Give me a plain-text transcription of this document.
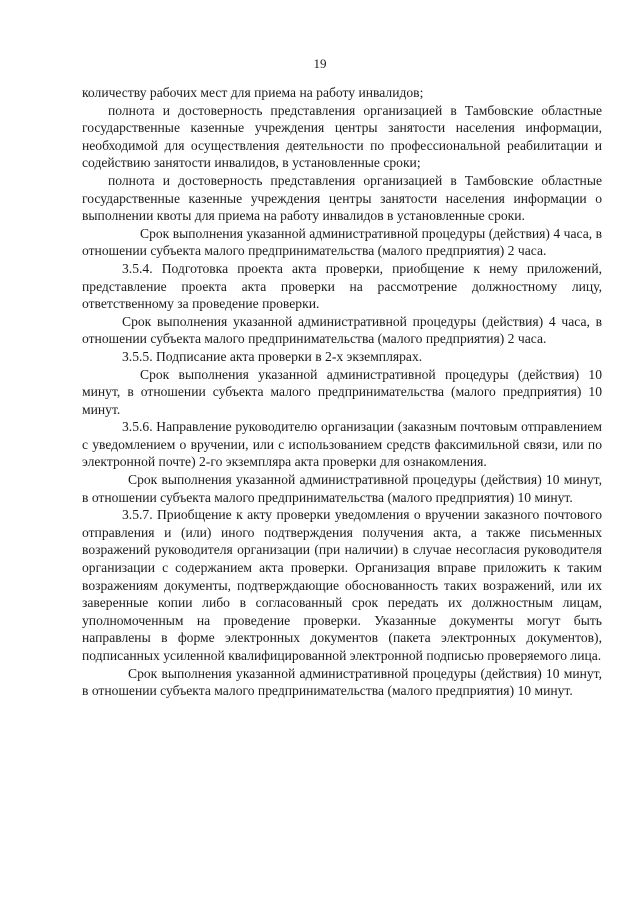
19

количеству рабочих мест для приема на работу инвалидов;

полнота и достоверность представления организацией в Тамбовские областные государственные казенные учреждения центры занятости населения информации, необходимой для осуществления деятельности по профессиональной реабилитации и содействию занятости инвалидов, в установленные сроки;

полнота и достоверность представления организацией в Тамбовские областные государственные казенные учреждения центры занятости населения информации о выполнении квоты для приема на работу инвалидов в установленные сроки.

Срок выполнения указанной административной процедуры (действия) 4 часа, в отношении субъекта малого предпринимательства (малого предприятия) 2 часа.

3.5.4. Подготовка проекта акта проверки, приобщение к нему приложений, представление проекта акта проверки на рассмотрение должностному лицу, ответственному за проведение проверки.

Срок выполнения указанной административной процедуры (действия) 4 часа, в отношении субъекта малого предпринимательства (малого предприятия) 2 часа.

3.5.5. Подписание акта проверки в 2-х экземплярах.

Срок выполнения указанной административной процедуры (действия) 10 минут, в отношении субъекта малого предпринимательства (малого предприятия) 10 минут.

3.5.6. Направление руководителю организации (заказным почтовым отправлением с уведомлением о вручении, или с использованием средств факсимильной связи, или по электронной почте) 2-го экземпляра акта проверки для ознакомления.

Срок выполнения указанной административной процедуры (действия) 10 минут, в отношении субъекта малого предпринимательства (малого предприятия) 10 минут.

3.5.7. Приобщение к акту проверки уведомления о вручении заказного почтового отправления и (или) иного подтверждения получения акта, а также письменных возражений руководителя организации (при наличии) в случае несогласия руководителя организации с содержанием акта проверки. Организация вправе приложить к таким возражениям документы, подтверждающие обоснованность таких возражений, или их заверенные копии либо в согласованный срок передать их должностным лицам, уполномоченным на проведение проверки. Указанные документы могут быть направлены в форме электронных документов (пакета электронных документов), подписанных усиленной квалифицированной электронной подписью проверяемого лица.

Срок выполнения указанной административной процедуры (действия) 10 минут, в отношении субъекта малого предпринимательства (малого предприятия) 10 минут.
